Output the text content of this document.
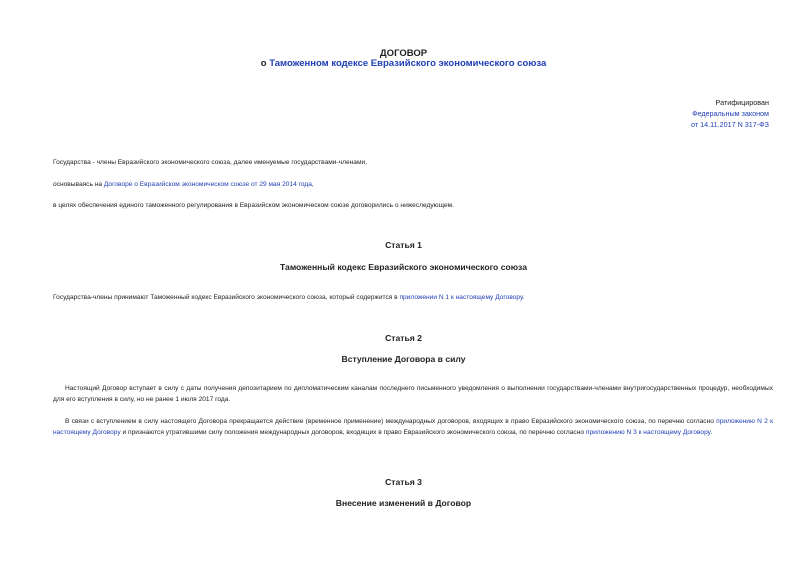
ДОГОВОР
о Таможенном кодексе Евразийского экономического союза
Ратифицирован
Федеральным законом
от 14.11.2017 N 317-ФЗ
Государства - члены Евразийского экономического союза, далее именуемые государствами-членами,
основываясь на Договоре о Евразийском экономическом союзе от 29 мая 2014 года,
в целях обеспечения единого таможенного регулирования в Евразийском экономическом союзе договорились о нижеследующем.
Статья 1
Таможенный кодекс Евразийского экономического союза
Государства-члены принимают Таможенный кодекс Евразийского экономического союза, который содержится в приложении N 1 к настоящему Договору.
Статья 2
Вступление Договора в силу
Настоящий Договор вступает в силу с даты получения депозитарием по дипломатическим каналам последнего письменного уведомления о выполнении государствами-членами внутригосударственных процедур, необходимых для его вступления в силу, но не ранее 1 июля 2017 года.
В связи с вступлением в силу настоящего Договора прекращается действие (временное применение) международных договоров, входящих в право Евразийского экономического союза, по перечню согласно приложению N 2 к настоящему Договору и признаются утратившими силу положения международных договоров, входящих в право Евразийского экономического союза, по перечню согласно приложению N 3 к настоящему Договору.
Статья 3
Внесение изменений в Договор
